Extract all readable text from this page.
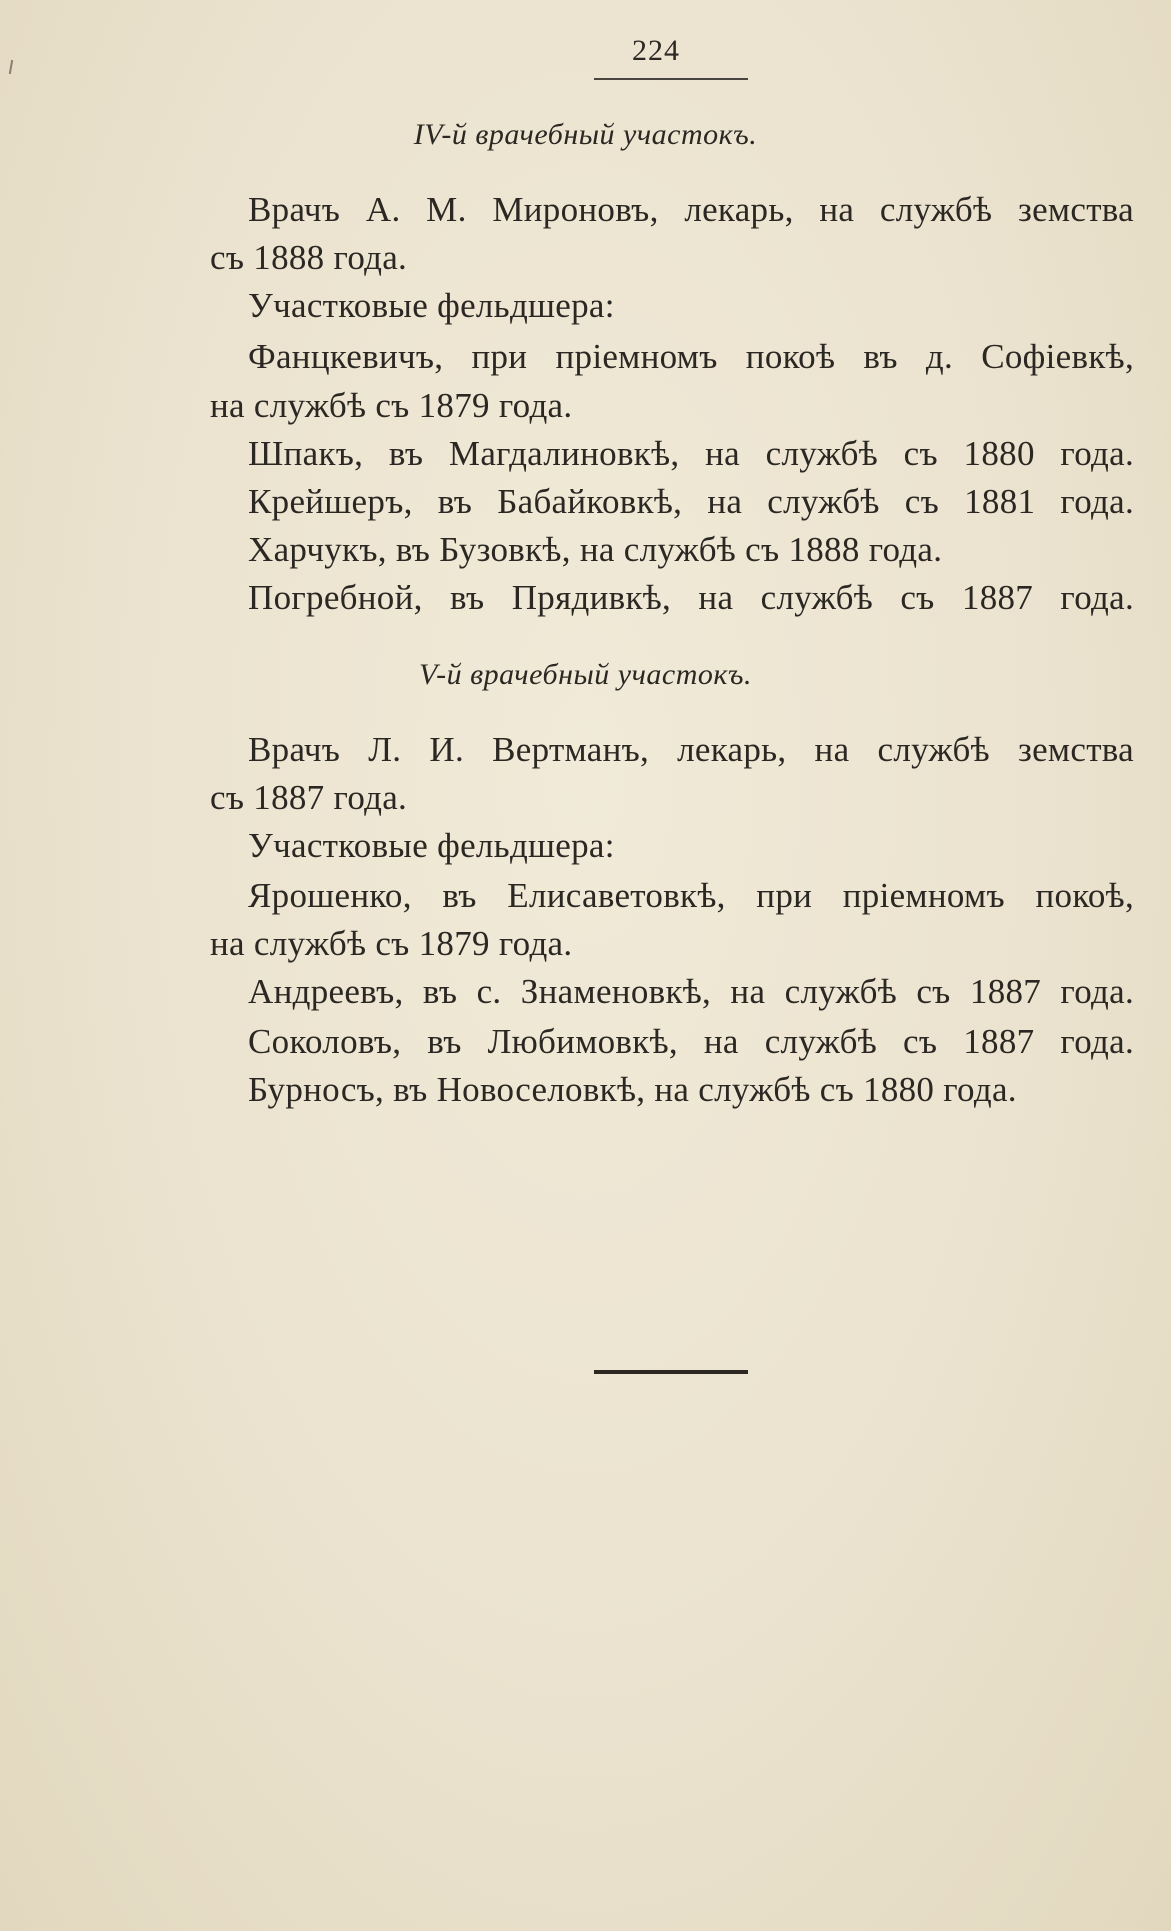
224
IV-й врачебный участокъ.
Врачъ А. М. Мироновъ, лекарь, на службѣ земства
съ 1888 года.
Участковые фельдшера:
Фанцкевичъ, при пріемномъ покоѣ въ д. Софіевкѣ,
на службѣ съ 1879 года.
Шпакъ, въ Магдалиновкѣ, на службѣ съ 1880 года.
Крейшеръ, въ Бабайковкѣ, на службѣ съ 1881 года.
Харчукъ, въ Бузовкѣ, на службѣ съ 1888 года.
Погребной, въ Прядивкѣ, на службѣ съ 1887 года.
V-й врачебный участокъ.
Врачъ Л. И. Вертманъ, лекарь, на службѣ земства
съ 1887 года.
Участковые фельдшера:
Ярошенко, въ Елисаветовкѣ, при пріемномъ покоѣ,
на службѣ съ 1879 года.
Андреевъ, въ с. Знаменовкѣ, на службѣ съ 1887 года.
Соколовъ, въ Любимовкѣ, на службѣ съ 1887 года.
Бурносъ, въ Новоселовкѣ, на службѣ съ 1880 года.
